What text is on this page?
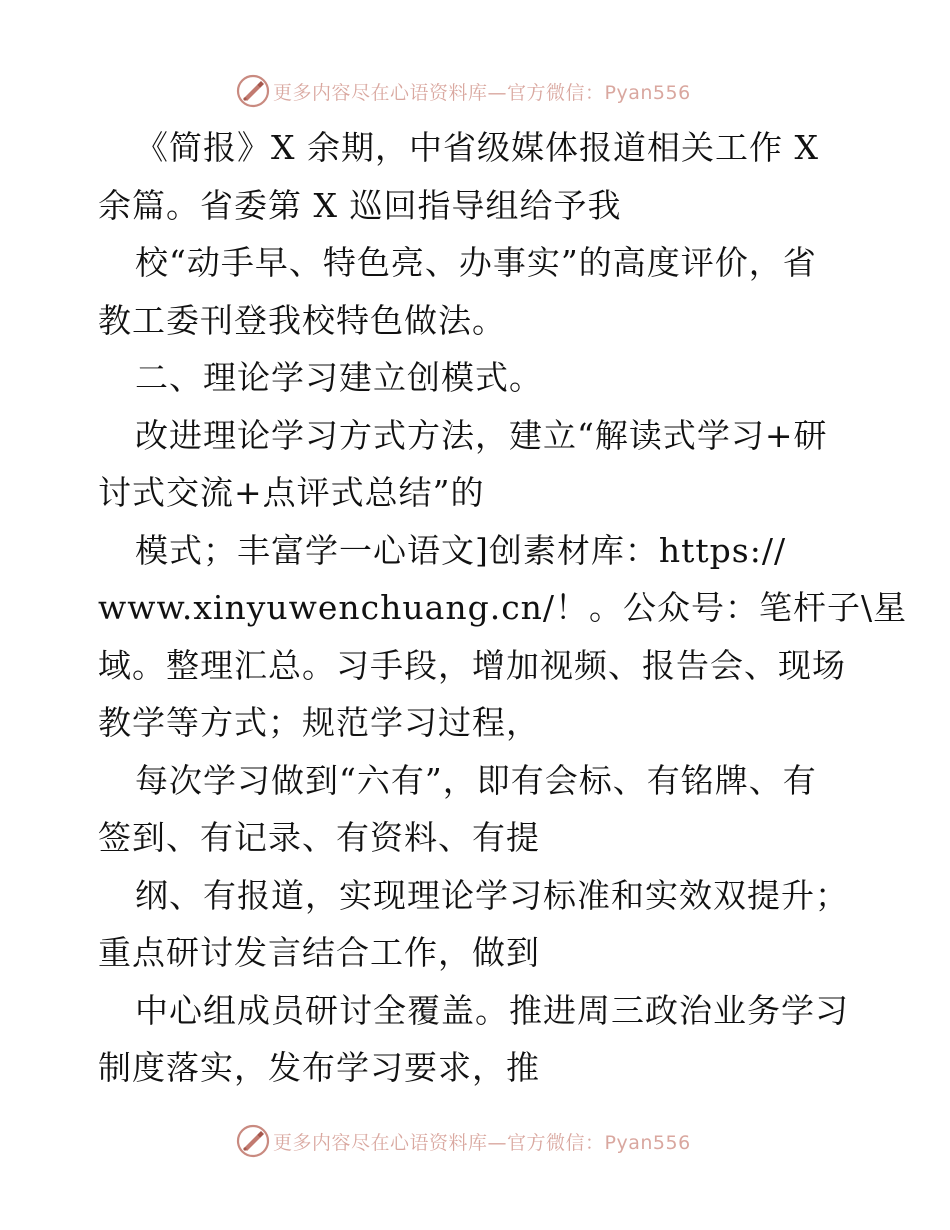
更多内容尽在心语资料库—官方微信：Pyan556
《简报》X 余期，中省级媒体报道相关工作 X
余篇。省委第 X 巡回指导组给予我
校“动手早、特色亮、办事实”的高度评价，省
教工委刊登我校特色做法。
二、理论学习建立创模式。
改进理论学习方式方法，建立“解读式学习+研
讨式交流+点评式总结”的
模式；丰富学一心语文]创素材库：https://
www.xinyuwenchuang.cn/！。公众号：笔杆子\星
域。整理汇总。习手段，增加视频、报告会、现场
教学等方式；规范学习过程，
每次学习做到“六有”，即有会标、有铭牌、有
签到、有记录、有资料、有提
纲、有报道，实现理论学习标准和实效双提升；
重点研讨发言结合工作，做到
中心组成员研讨全覆盖。推进周三政治业务学习
制度落实，发布学习要求，推
更多内容尽在心语资料库—官方微信：Pyan556
